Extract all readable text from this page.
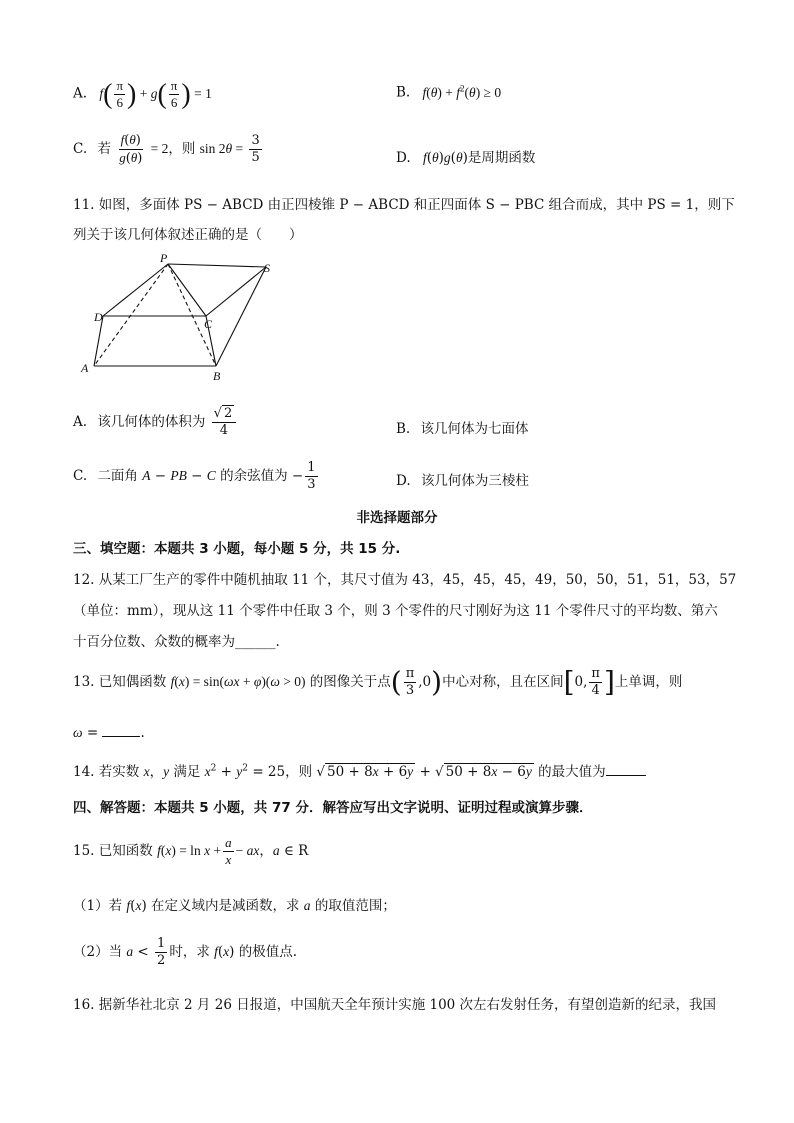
A. $f( \frac{\pi}{6}$ ) + $g( \frac{\pi}{6}$ ) = 1	B. $f(\theta) + f^2(\theta) \ge 0$
C. 若 $\frac{f(\theta)}{g(\theta)} = 2$，则 $\sin 2\theta = \frac{3}{5}$	D. f(θ)g(θ)是周期函数
11. 如图，多面体 PS − ABCD 由正四棱锥 P − ABCD 和正四面体 S − PBC 组合而成，其中 PS = 1，则下
列关于该几何体叙述正确的是（　　）
P
S
D	C
A
B
A. 该几何体的体积为 $\frac{√ 2}{4}$	B. 该几何体为七面体
C. 二面角 A − PB − C 的余弦值为 − $\frac{1}{3}$	D. 该几何体为三棱柱
非选择题部分
三、填空题：本题共 3 小题，每小题 5 分，共 15 分.
12. 从某工厂生产的零件中随机抽取 11 个，其尺寸值为 43，45，45，45，49，50，50，51，51，53，57
（单位：mm），现从这 11 个零件中任取 3 个，则 3 个零件的尺寸刚好为这 11 个零件尺寸的平均数、第六
十百分位数、众数的概率为______.
13. 已知偶函数 f(x) = sin(ωx + φ)(ω > 0) 的图像关于点( $\frac{\pi}{3} ,0$)中心对称，且在区间[0, $\frac{\pi}{4}$ ]上单调，则
ω =	.
14. 若实数 x，y 满足 $x^2 + y^2 = 25$，则 √ 50 + 8x + 6y + √ 50 + 8x − 6y 的最大值为
四、解答题：本题共 5 小题，共 77 分．解答应写出文字说明、证明过程或演算步骤．
15. 已知函数 $f(x) = \ln x + \frac{a}{x}$ − ax，a ∈ R
（1）若 f(x) 在定义域内是减函数，求 a 的取值范围；
（2）当 $a < \frac{1}{2}$ 时，求 f(x) 的极值点.
16. 据新华社北京 2 月 26 日报道，中国航天全年预计实施 100 次左右发射任务，有望创造新的纪录，我国
